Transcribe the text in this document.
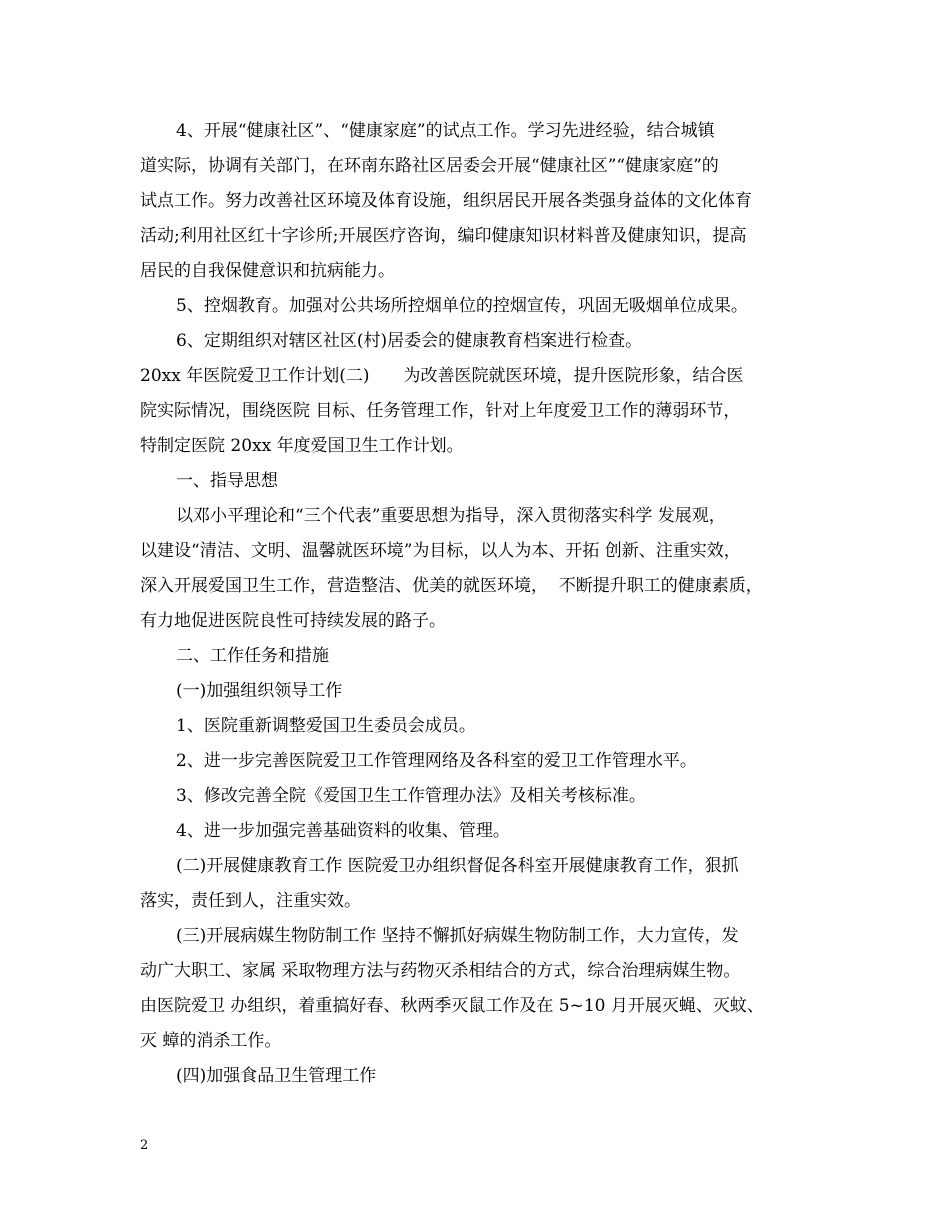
4、开展“健康社区”、“健康家庭”的试点工作。学习先进经验，结合城镇

道实际，协调有关部门，在环南东路社区居委会开展“健康社区”“健康家庭”的

试点工作。努力改善社区环境及体育设施，组织居民开展各类强身益体的文化体育

活动;利用社区红十字诊所;开展医疗咨询，编印健康知识材料普及健康知识，提高

居民的自我保健意识和抗病能力。

5、控烟教育。加强对公共场所控烟单位的控烟宣传，巩固无吸烟单位成果。

6、定期组织对辖区社区(村)居委会的健康教育档案进行检查。

20xx 年医院爱卫工作计划(二)　　为改善医院就医环境，提升医院形象，结合医

院实际情况，围绕医院 目标、任务管理工作，针对上年度爱卫工作的薄弱环节，

特制定医院 20xx 年度爱国卫生工作计划。

一、指导思想

以邓小平理论和“三个代表”重要思想为指导，深入贯彻落实科学 发展观，

以建设“清洁、文明、温馨就医环境”为目标，以人为本、开拓 创新、注重实效，

深入开展爱国卫生工作，营造整洁、优美的就医环境，  不断提升职工的健康素质，

有力地促进医院良性可持续发展的路子。

二、工作任务和措施

(一)加强组织领导工作

1、医院重新调整爱国卫生委员会成员。

2、进一步完善医院爱卫工作管理网络及各科室的爱卫工作管理水平。

3、修改完善全院《爱国卫生工作管理办法》及相关考核标准。

4、进一步加强完善基础资料的收集、管理。

(二)开展健康教育工作 医院爱卫办组织督促各科室开展健康教育工作，狠抓

落实，责任到人，注重实效。

(三)开展病媒生物防制工作 坚持不懈抓好病媒生物防制工作，大力宣传，发

动广大职工、家属 采取物理方法与药物灭杀相结合的方式，综合治理病媒生物。

由医院爱卫 办组织，着重搞好春、秋两季灭鼠工作及在 5~10 月开展灭蝇、灭蚊、

灭 蟑的消杀工作。

(四)加强食品卫生管理工作

2
